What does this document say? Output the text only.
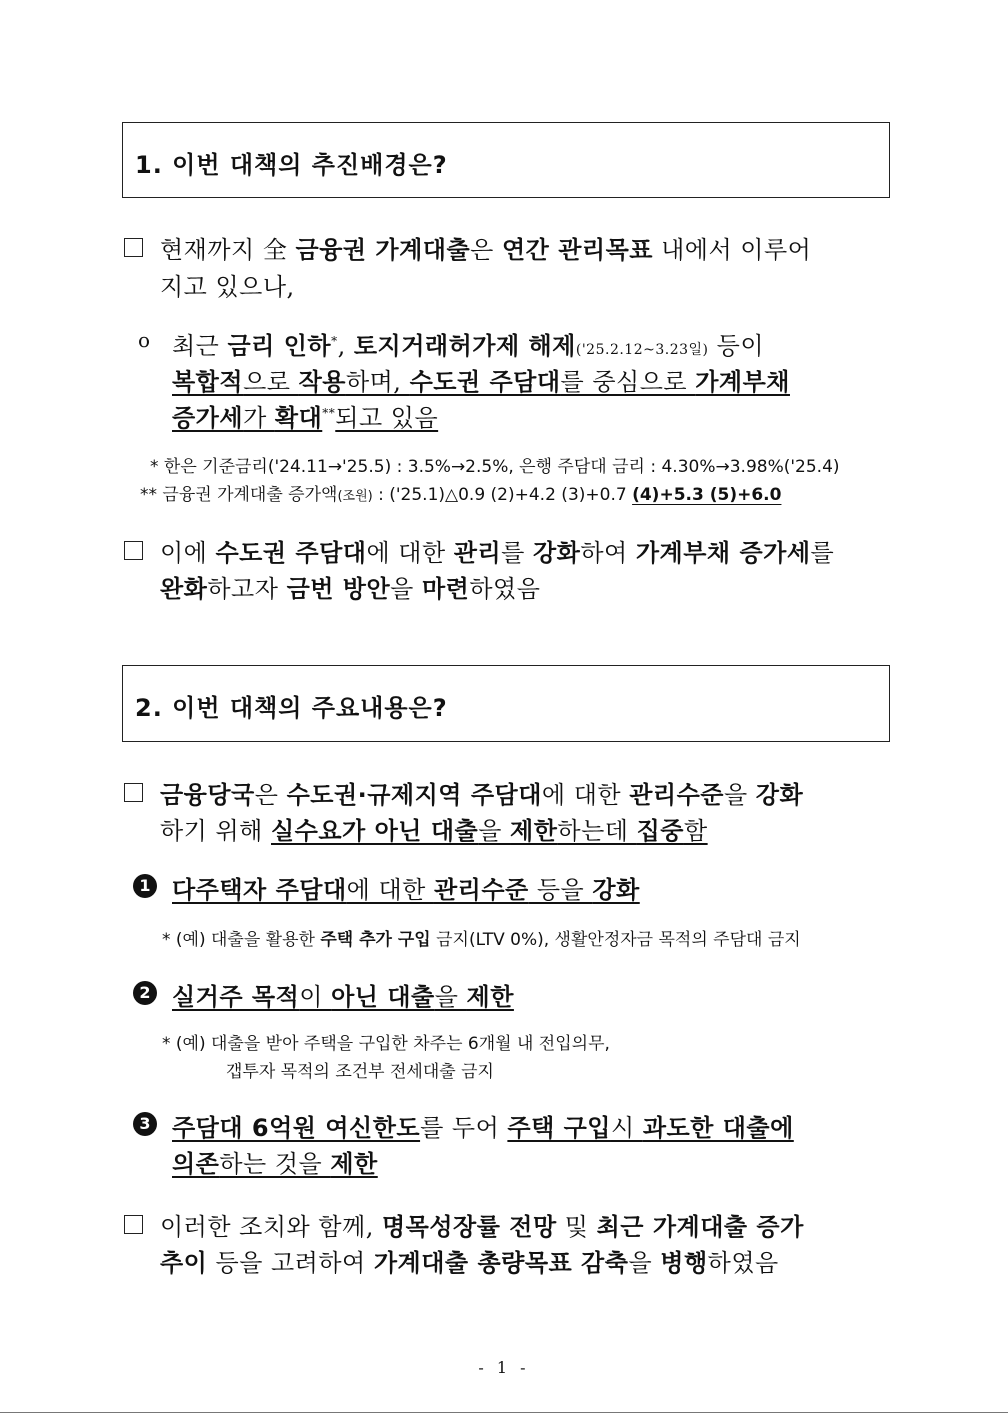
1. 이번 대책의 추진배경은?
현재까지 全 금융권 가계대출은 연간 관리목표 내에서 이루어
지고 있으나,
o 최근 금리 인하*, 토지거래허가제 해제('25.2.12~3.23일) 등이
복합적으로 작용하며, 수도권 주담대를 중심으로 가계부채
증가세가 확대**되고 있음
* 한은 기준금리('24.11→'25.5) : 3.5%→2.5%, 은행 주담대 금리 : 4.30%→3.98%('25.4)
** 금융권 가계대출 증가액(조원) : ('25.1)△0.9 (2)+4.2 (3)+0.7 (4)+5.3 (5)+6.0
이에 수도권 주담대에 대한 관리를 강화하여 가계부채 증가세를
완화하고자 금번 방안을 마련하였음
2. 이번 대책의 주요내용은?
금융당국은 수도권·규제지역 주담대에 대한 관리수준을 강화
하기 위해 실수요가 아닌 대출을 제한하는데 집중함
1 다주택자 주담대에 대한 관리수준 등을 강화
* (예) 대출을 활용한 주택 추가 구입 금지(LTV 0%), 생활안정자금 목적의 주담대 금지
2 실거주 목적이 아닌 대출을 제한
* (예) 대출을 받아 주택을 구입한 차주는 6개월 내 전입의무,
갭투자 목적의 조건부 전세대출 금지
3 주담대 6억원 여신한도를 두어 주택 구입시 과도한 대출에
의존하는 것을 제한
이러한 조치와 함께, 명목성장률 전망 및 최근 가계대출 증가
추이 등을 고려하여 가계대출 총량목표 감축을 병행하였음
- 1 -
